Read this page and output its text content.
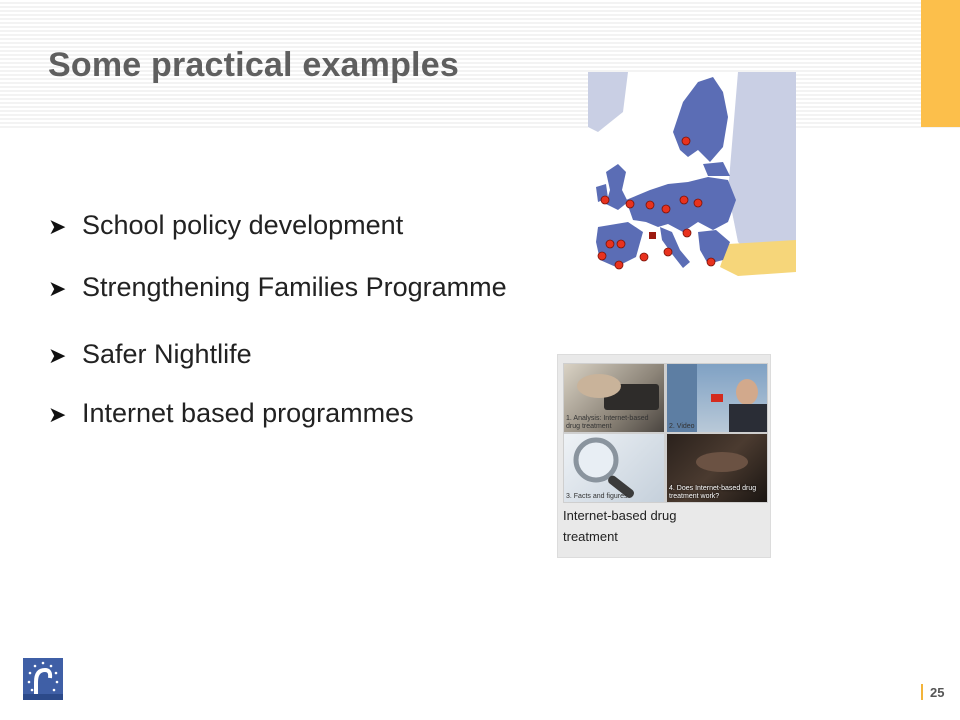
Some practical examples
➤ School policy development
➤ Strengthening Families Programme
➤ Safer Nightlife
➤ Internet based programmes	1. Analysis: Internet-based drug treatment	2. Video
3. Facts and figures
4. Does Internet-based drug treatment work?
Internet-based drug
treatment
25
